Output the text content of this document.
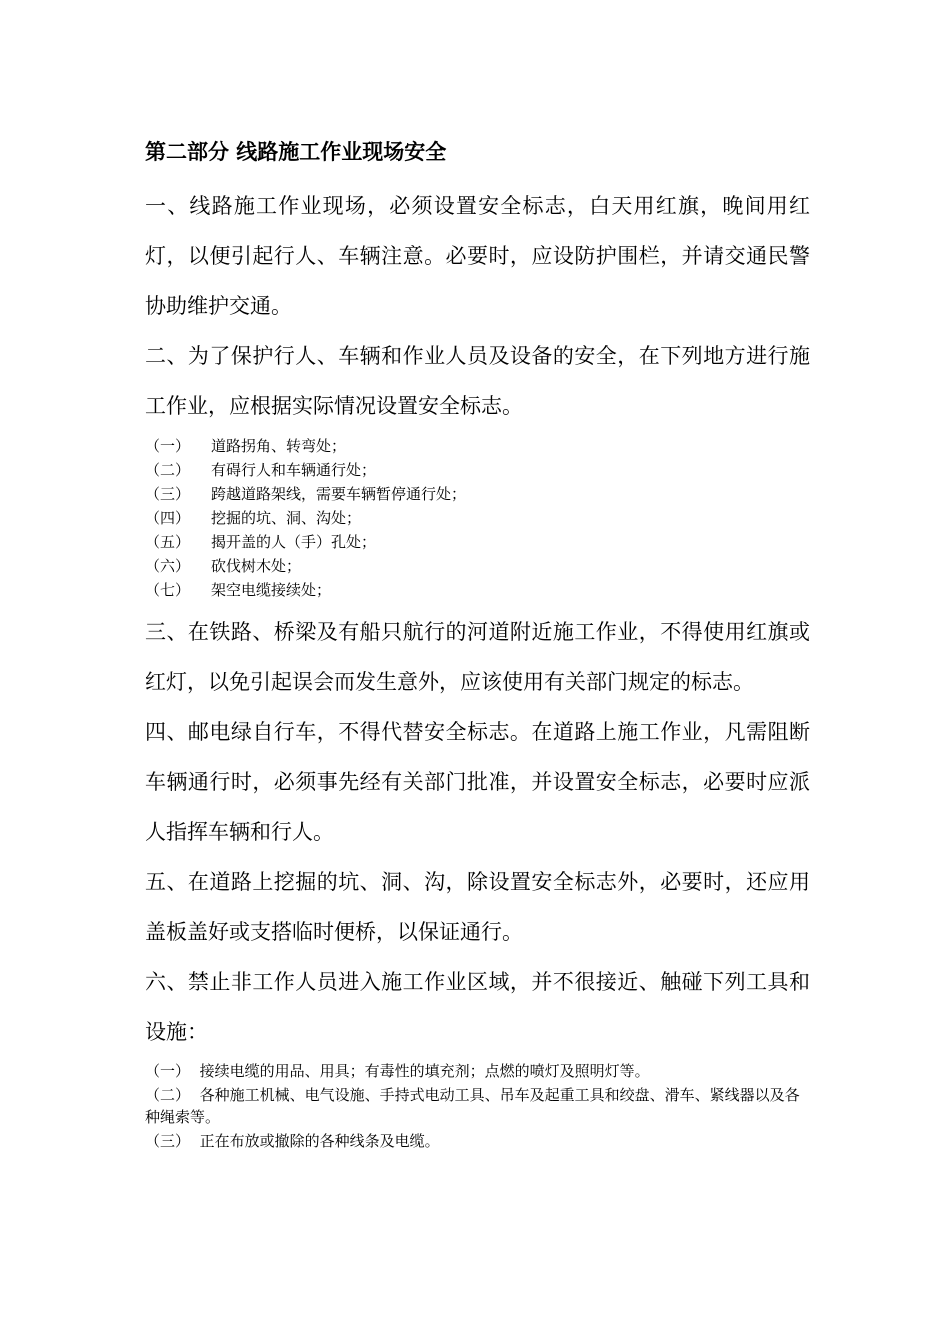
第二部分 线路施工作业现场安全

一、线路施工作业现场，必须设置安全标志，白天用红旗，晚间用红灯，以便引起行人、车辆注意。必要时，应设防护围栏，并请交通民警协助维护交通。

二、为了保护行人、车辆和作业人员及设备的安全，在下列地方进行施工作业，应根据实际情况设置安全标志。

（一） 道路拐角、转弯处；
（二） 有碍行人和车辆通行处；
（三） 跨越道路架线，需要车辆暂停通行处；
（四） 挖掘的坑、洞、沟处；
（五） 揭开盖的人（手）孔处；
（六） 砍伐树木处；
（七） 架空电缆接续处；

三、在铁路、桥梁及有船只航行的河道附近施工作业，不得使用红旗或红灯，以免引起误会而发生意外，应该使用有关部门规定的标志。

四、邮电绿自行车，不得代替安全标志。在道路上施工作业，凡需阻断车辆通行时，必须事先经有关部门批准，并设置安全标志，必要时应派人指挥车辆和行人。

五、在道路上挖掘的坑、洞、沟，除设置安全标志外，必要时，还应用盖板盖好或支搭临时便桥，以保证通行。

六、禁止非工作人员进入施工作业区域，并不很接近、触碰下列工具和设施：

（一） 接续电缆的用品、用具；有毒性的填充剂；点燃的喷灯及照明灯等。
（二） 各种施工机械、电气设施、手持式电动工具、吊车及起重工具和绞盘、滑车、紧线器以及各种绳索等。
（三） 正在布放或撤除的各种线条及电缆。
